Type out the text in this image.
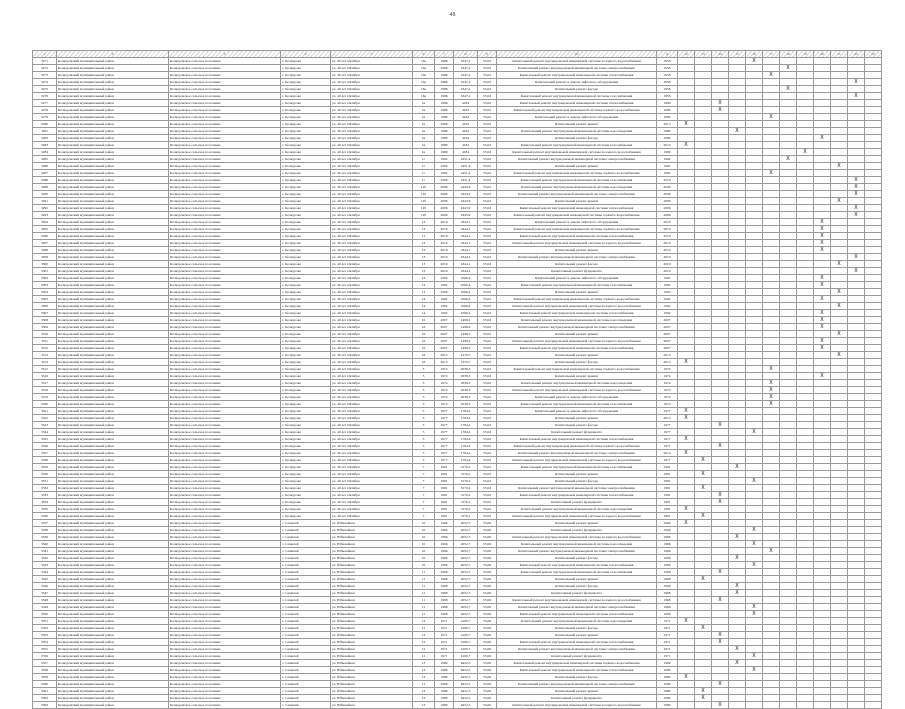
48
1	2	3	4	5	6	7	8	9	10	11	12	13	14	15	16	17	18	19	20	21	22	23
3271	Кочкуровский муниципальный район	Кочкуровское сельское поселение	с. Кочкурово	ул. 40 лет Октября	16а	1986	1647,2	55,02	Капитальный ремонт внутридомовой инженерной системы холодного водоснабжения	1958					X							
3272	Кочкуровский муниципальный район	Кочкуровское сельское поселение	с. Кочкурово	ул. 40 лет Октября	16а	1986	1647,2	55,02	Капитальный ремонт внутридомовой инженерной системы электроснабжения	1958							X					
3273	Кочкуровский муниципальный район	Кочкуровское сельское поселение	с. Кочкурово	ул. 40 лет Октября	16а	1986	1647,2	55,02	Капитальный ремонт внутридомовой инженерной системы теплоснабжения	1958						X						
3274	Кочкуровский муниципальный район	Кочкуровское сельское поселение	с. Кочкурово	ул. 40 лет Октября	16а	1986	1647,2	55,02	Капитальный ремонт и замена лифтового оборудования	1958											X	
3275	Кочкуровский муниципальный район	Кочкуровское сельское поселение	с. Кочкурово	ул. 40 лет Октября	16а	1986	1647,2	55,02	Капитальный ремонт фасада	1958							X					
3276	Кочкуровский муниципальный район	Кочкуровское сельское поселение	с. Кочкурово	ул. 40 лет Октября	16а	1986	1647,2	55,02	Капитальный ремонт внутридомовой инженерной системы газоснабжения	1958											X	
3277	Кочкуровский муниципальный район	Кочкуровское сельское поселение	с. Кочкурово	ул. 40 лет Октября	1в	1989	4184	55,02	Капитальный ремонт внутридомовой инженерной системы теплоснабжения	1980			X									
3278	Кочкуровский муниципальный район	Кочкуровское сельское поселение	с. Кочкурово	ул. 40 лет Октября	1в	1989	4184	55,02	Капитальный ремонт внутридомовой инженерной системы горячего водоснабжения	1980			X									
3279	Кочкуровский муниципальный район	Кочкуровское сельское поселение	с. Кочкурово	ул. 40 лет Октября	1в	1989	4184	55,02	Капитальный ремонт и замена лифтового оборудования	1980						X						
3280	Кочкуровский муниципальный район	Кочкуровское сельское поселение	с. Кочкурово	ул. 40 лет Октября	1в	1989	4184	55,02	Капитальный ремонт крыши	2015	X											
3281	Кочкуровский муниципальный район	Кочкуровское сельское поселение	с. Кочкурово	ул. 40 лет Октября	1в	1989	4184	55,02	Капитальный ремонт внутридомовой инженерной системы водоотведения	1980				X								
3282	Кочкуровский муниципальный район	Кочкуровское сельское поселение	с. Кочкурово	ул. 40 лет Октября	1в	1989	4184	55,02	Капитальный ремонт фасада	1980									X			
3283	Кочкуровский муниципальный район	Кочкуровское сельское поселение	с. Кочкурово	ул. 40 лет Октября	1в	1989	4184	55,02	Капитальный ремонт внутридомовой инженерной системы газоснабжения	2014	X											
3284	Кочкуровский муниципальный район	Кочкуровское сельское поселение	с. Кочкурово	ул. 40 лет Октября	1в	1989	4184	55,02	Капитальный ремонт внутридомовой инженерной системы холодного водоснабжения	1980								X				
3285	Кочкуровский муниципальный район	Кочкуровское сельское поселение	с. Кочкурово	ул. 40 лет Октября	1г	1992	2451,4	55,02	Капитальный ремонт внутридомовой инженерной системы электроснабжения	1992							X					
3286	Кочкуровский муниципальный район	Кочкуровское сельское поселение	с. Кочкурово	ул. 40 лет Октября	1г	1992	2451,4	55,02	Капитальный ремонт крыши	1992										X		
3287	Кочкуровский муниципальный район	Кочкуровское сельское поселение	с. Кочкурово	ул. 40 лет Октября	1г	1992	2451,4	55,02	Капитальный ремонт внутридомовой инженерной системы горячего водоснабжения	1992						X						
3288	Кочкуровский муниципальный район	Кочкуровское сельское поселение	с. Кочкурово	ул. 40 лет Октября	1г	1992	2451,4	55,02	Капитальный ремонт внутридомовой инженерной системы газоснабжения	2019											X	
3289	Кочкуровский муниципальный район	Кочкуровское сельское поселение	с. Кочкурово	ул. 40 лет Октября	12б	2006	2443,9	55,02	Капитальный ремонт внутридомовой инженерной системы водоотведения	2006											X	
3290	Кочкуровский муниципальный район	Кочкуровское сельское поселение	с. Кочкурово	ул. 40 лет Октября	12б	2006	2443,9	55,02	Капитальный ремонт внутридомовой инженерной системы электроснабжения	2006											X	
3291	Кочкуровский муниципальный район	Кочкуровское сельское поселение	с. Кочкурово	ул. 40 лет Октября	12б	2006	2443,9	55,02	Капитальный ремонт крыши	2006										X		
3292	Кочкуровский муниципальный район	Кочкуровское сельское поселение	с. Кочкурово	ул. 40 лет Октября	12б	2006	2443,9	55,02	Капитальный ремонт внутридомовой инженерной системы теплоснабжения	2006											X	
3293	Кочкуровский муниципальный район	Кочкуровское сельское поселение	с. Кочкурово	ул. 40 лет Октября	12б	2006	2443,9	55,02	Капитальный ремонт внутридомовой инженерной системы горячего водоснабжения	2006											X	
3294	Кочкуровский муниципальный район	Кочкуровское сельское поселение	с. Кочкурово	ул. 40 лет Октября	13	2019	4344,1	55,02	Капитальный ремонт и замена лифтового оборудования	2019									X			
3295	Кочкуровский муниципальный район	Кочкуровское сельское поселение	с. Кочкурово	ул. 40 лет Октября	13	2019	4344,1	55,02	Капитальный ремонт внутридомовой инженерной системы горячего водоснабжения	2019									X			
3296	Кочкуровский муниципальный район	Кочкуровское сельское поселение	с. Кочкурово	ул. 40 лет Октября	13	2019	4344,1	55,02	Капитальный ремонт внутридомовой инженерной системы теплоснабжения	2019									X			
3297	Кочкуровский муниципальный район	Кочкуровское сельское поселение	с. Кочкурово	ул. 40 лет Октября	13	2019	4344,1	55,02	Капитальный ремонт внутридомовой инженерной системы холодного водоснабжения	2019									X			
3298	Кочкуровский муниципальный район	Кочкуровское сельское поселение	с. Кочкурово	ул. 40 лет Октября	13	2019	4344,1	55,02	Капитальный ремонт крыши	2019									X			
3299	Кочкуровский муниципальный район	Кочкуровское сельское поселение	с. Кочкурово	ул. 40 лет Октября	13	2019	4344,1	55,02	Капитальный ремонт внутридомовой инженерной системы электроснабжения	2019											X	
3300	Кочкуровский муниципальный район	Кочкуровское сельское поселение	с. Кочкурово	ул. 40 лет Октября	13	2019	4344,1	55,02	Капитальный ремонт фасада	2019										X		
3301	Кочкуровский муниципальный район	Кочкуровское сельское поселение	с. Кочкурово	ул. 40 лет Октября	13	2019	4344,1	55,02	Капитальный ремонт фундамента	2019											X	
3302	Кочкуровский муниципальный район	Кочкуровское сельское поселение	с. Кочкурово	ул. 40 лет Октября	14	1992	2566,4	55,02	Капитальный ремонт и замена лифтового оборудования	1992									X			
3303	Кочкуровский муниципальный район	Кочкуровское сельское поселение	с. Кочкурово	ул. 40 лет Октября	14	1992	2566,4	55,02	Капитальный ремонт внутридомовой инженерной системы газоснабжения	1992									X			
3304	Кочкуровский муниципальный район	Кочкуровское сельское поселение	с. Кочкурово	ул. 40 лет Октября	14	1992	2566,4	55,02	Капитальный ремонт крыши	1992										X		
3305	Кочкуровский муниципальный район	Кочкуровское сельское поселение	с. Кочкурово	ул. 40 лет Октября	14	1992	2566,4	55,02	Капитальный ремонт внутридомовой инженерной системы горячего водоснабжения	1992									X			
3306	Кочкуровский муниципальный район	Кочкуровское сельское поселение	с. Кочкурово	ул. 40 лет Октября	14	1992	2566,4	55,02	Капитальный ремонт внутридомовой инженерной системы холодного водоснабжения	1992										X		
3307	Кочкуровский муниципальный район	Кочкуровское сельское поселение	с. Кочкурово	ул. 40 лет Октября	14	1992	2566,4	55,02	Капитальный ремонт внутридомовой инженерной системы теплоснабжения	1992									X			
3308	Кочкуровский муниципальный район	Кочкуровское сельское поселение	с. Кочкурово	ул. 40 лет Октября	16	2007	1498,2	55,02	Капитальный ремонт внутридомовой инженерной системы водоотведения	2007									X			
3309	Кочкуровский муниципальный район	Кочкуровское сельское поселение	с. Кочкурово	ул. 40 лет Октября	16	2007	1498,2	55,02	Капитальный ремонт внутридомовой инженерной системы электроснабжения	2007									X			
3310	Кочкуровский муниципальный район	Кочкуровское сельское поселение	с. Кочкурово	ул. 40 лет Октября	16	2007	1498,2	55,02	Капитальный ремонт крыши	2007										X		
3311	Кочкуровский муниципальный район	Кочкуровское сельское поселение	с. Кочкурово	ул. 40 лет Октября	16	2007	1498,2	55,02	Капитальный ремонт внутридомовой инженерной системы холодного водоснабжения	2007									X			
3312	Кочкуровский муниципальный район	Кочкуровское сельское поселение	с. Кочкурово	ул. 40 лет Октября	16	2007	1498,2	55,02	Капитальный ремонт внутридомовой инженерной системы теплоснабжения	2007									X			
3313	Кочкуровский муниципальный район	Кочкуровское сельское поселение	с. Кочкурово	ул. 40 лет Октября	18	2013	1270,7	55,02	Капитальный ремонт крыши	2013										X		
3314	Кочкуровский муниципальный район	Кочкуровское сельское поселение	с. Кочкурово	ул. 40 лет Октября	18	2013	1270,7	55,02	Капитальный ремонт фасада	2013	X											
3315	Кочкуровский муниципальный район	Кочкуровское сельское поселение	с. Кочкурово	ул. 40 лет Октября	3	1974	2038,3	55,02	Капитальный ремонт внутридомовой инженерной системы горячего водоснабжения	1974						X						
3316	Кочкуровский муниципальный район	Кочкуровское сельское поселение	с. Кочкурово	ул. 40 лет Октября	3	1974	2038,3	55,02	Капитальный ремонт крыши	1974									X			
3317	Кочкуровский муниципальный район	Кочкуровское сельское поселение	с. Кочкурово	ул. 40 лет Октября	3	1974	2038,3	55,02	Капитальный ремонт внутридомовой инженерной системы водоотведения	1974						X						
3318	Кочкуровский муниципальный район	Кочкуровское сельское поселение	с. Кочкурово	ул. 40 лет Октября	3	1974	2038,3	55,02	Капитальный ремонт внутридомовой инженерной системы холодного водоснабжения	1974						X						
3319	Кочкуровский муниципальный район	Кочкуровское сельское поселение	с. Кочкурово	ул. 40 лет Октября	3	1974	2038,3	55,02	Капитальный ремонт и замена лифтового оборудования	1974						X						
3320	Кочкуровский муниципальный район	Кочкуровское сельское поселение	с. Кочкурово	ул. 40 лет Октября	3	1974	2038,3	55,02	Капитальный ремонт внутридомовой инженерной системы газоснабжения	1974						X						
3321	Кочкуровский муниципальный район	Кочкуровское сельское поселение	с. Кочкурово	ул. 40 лет Октября	5	1977	1784,4	55,02	Капитальный ремонт и замена лифтового оборудования	1977	X											
3322	Кочкуровский муниципальный район	Кочкуровское сельское поселение	с. Кочкурово	ул. 40 лет Октября	5	1977	1784,4	55,02	Капитальный ремонт крыши	2013	X											
3323	Кочкуровский муниципальный район	Кочкуровское сельское поселение	с. Кочкурово	ул. 40 лет Октября	5	1977	1784,4	55,02	Капитальный ремонт фасада	1977			X									
3324	Кочкуровский муниципальный район	Кочкуровское сельское поселение	с. Кочкурово	ул. 40 лет Октября	5	1977	1784,4	55,02	Капитальный ремонт фундамента	1977					X							
3325	Кочкуровский муниципальный район	Кочкуровское сельское поселение	с. Кочкурово	ул. 40 лет Октября	5	1977	1784,4	55,02	Капитальный ремонт внутридомовой инженерной системы теплоснабжения	1977	X											
3326	Кочкуровский муниципальный район	Кочкуровское сельское поселение	с. Кочкурово	ул. 40 лет Октября	5	1977	1784,4	55,02	Капитальный ремонт внутридомовой инженерной системы горячего водоснабжения	1977			X									
3327	Кочкуровский муниципальный район	Кочкуровское сельское поселение	с. Кочкурово	ул. 40 лет Октября	5	1977	1784,4	55,02	Капитальный ремонт внутридомовой инженерной системы электроснабжения	2014	X											
3328	Кочкуровский муниципальный район	Кочкуровское сельское поселение	с. Кочкурово	ул. 40 лет Октября	5	1977	1784,4	55,02	Капитальный ремонт внутридомовой инженерной системы холодного водоснабжения	1977		X										
3329	Кочкуровский муниципальный район	Кочкуровское сельское поселение	с. Кочкурово	ул. 40 лет Октября	7	1981	3170,2	55,02	Капитальный ремонт внутридомовой инженерной системы газоснабжения	1981				X								
3330	Кочкуровский муниципальный район	Кочкуровское сельское поселение	с. Кочкурово	ул. 40 лет Октября	7	1981	3170,2	55,02	Капитальный ремонт крыши	1981		X										
3331	Кочкуровский муниципальный район	Кочкуровское сельское поселение	с. Кочкурово	ул. 40 лет Октября	7	1981	3170,2	55,02	Капитальный ремонт фасада	1981					X							
3332	Кочкуровский муниципальный район	Кочкуровское сельское поселение	с. Кочкурово	ул. 40 лет Октября	7	1981	3170,2	55,02	Капитальный ремонт внутридомовой инженерной системы электроснабжения	1981		X										
3333	Кочкуровский муниципальный район	Кочкуровское сельское поселение	с. Кочкурово	ул. 40 лет Октября	7	1981	3170,2	55,02	Капитальный ремонт внутридомовой инженерной системы теплоснабжения	1981			X									
3334	Кочкуровский муниципальный район	Кочкуровское сельское поселение	с. Кочкурово	ул. 40 лет Октября	7	1981	3170,2	55,02	Капитальный ремонт фундамента	1981			X									
3335	Кочкуровский муниципальный район	Кочкуровское сельское поселение	с. Кочкурово	ул. 40 лет Октября	7	1981	3170,2	55,02	Капитальный ремонт внутридомовой инженерной системы водоотведения	1981	X											
3336	Кочкуровский муниципальный район	Кочкуровское сельское поселение	с. Кочкурово	ул. 40 лет Октября	7	1981	3170,2	55,02	Капитальный ремонт внутридомовой инженерной системы холодного водоснабжения	1981		X										
3337	Кочкуровский муниципальный район	Кочкуровское сельское поселение	с. Семилей	ул. Юбилейная	10	1966	4052,7	55,06	Капитальный ремонт крыши	1966	X											
3338	Кочкуровский муниципальный район	Кочкуровское сельское поселение	с. Семилей	ул. Юбилейная	10	1966	4052,7	55,06	Капитальный ремонт фундамента	1966					X							
3339	Кочкуровский муниципальный район	Кочкуровское сельское поселение	с. Семилей	ул. Юбилейная	10	1966	4052,7	55,06	Капитальный ремонт внутридомовой инженерной системы холодного водоснабжения	1966				X								
3340	Кочкуровский муниципальный район	Кочкуровское сельское поселение	с. Семилей	ул. Юбилейная	10	1966	4052,7	55,06	Капитальный ремонт внутридомовой инженерной системы водоотведения	1966					X							
3341	Кочкуровский муниципальный район	Кочкуровское сельское поселение	с. Семилей	ул. Юбилейная	10	1966	4052,7	55,06	Капитальный ремонт внутридомовой инженерной системы электроснабжения	1966						X						
3342	Кочкуровский муниципальный район	Кочкуровское сельское поселение	с. Семилей	ул. Юбилейная	10	1966	4052,7	55,06	Капитальный ремонт фасада	1966				X								
3343	Кочкуровский муниципальный район	Кочкуровское сельское поселение	с. Семилей	ул. Юбилейная	10	1966	4052,7	55,06	Капитальный ремонт внутридомовой инженерной системы теплоснабжения	1966					X							
3344	Кочкуровский муниципальный район	Кочкуровское сельское поселение	с. Семилей	ул. Юбилейная	11	1968	4052,7	55,06	Капитальный ремонт внутридомовой инженерной системы газоснабжения	1968			X									
3345	Кочкуровский муниципальный район	Кочкуровское сельское поселение	с. Семилей	ул. Юбилейная	11	1968	4052,7	55,06	Капитальный ремонт крыши	1968		X										
3346	Кочкуровский муниципальный район	Кочкуровское сельское поселение	с. Семилей	ул. Юбилейная	11	1968	4052,7	55,06	Капитальный ремонт фасада	1968				X								
3347	Кочкуровский муниципальный район	Кочкуровское сельское поселение	с. Семилей	ул. Юбилейная	11	1968	4052,7	55,06	Капитальный ремонт фундамента	1968				X								
3348	Кочкуровский муниципальный район	Кочкуровское сельское поселение	с. Семилей	ул. Юбилейная	11	1968	4052,7	55,06	Капитальный ремонт внутридомовой инженерной системы холодного водоснабжения	1968			X									
3349	Кочкуровский муниципальный район	Кочкуровское сельское поселение	с. Семилей	ул. Юбилейная	11	1968	4052,7	55,06	Капитальный ремонт внутридомовой инженерной системы электроснабжения	1968					X							
3350	Кочкуровский муниципальный район	Кочкуровское сельское поселение	с. Семилей	ул. Юбилейная	11	1968	4052,7	55,06	Капитальный ремонт внутридомовой инженерной системы теплоснабжения	1968					X							
3351	Кочкуровский муниципальный район	Кочкуровское сельское поселение	с. Семилей	ул. Юбилейная	12	1971	4100,7	55,06	Капитальный ремонт внутридомовой инженерной системы водоотведения	1971	X											
3352	Кочкуровский муниципальный район	Кочкуровское сельское поселение	с. Семилей	ул. Юбилейная	12	1971	4100,7	55,06	Капитальный ремонт фасада	1971		X										
3353	Кочкуровский муниципальный район	Кочкуровское сельское поселение	с. Семилей	ул. Юбилейная	12	1971	4100,7	55,06	Капитальный ремонт крыши	1971			X									
3354	Кочкуровский муниципальный район	Кочкуровское сельское поселение	с. Семилей	ул. Юбилейная	12	1971	4100,7	55,06	Капитальный ремонт внутридомовой инженерной системы теплоснабжения	1971			X									
3355	Кочкуровский муниципальный район	Кочкуровское сельское поселение	с. Семилей	ул. Юбилейная	12	1971	4100,7	55,06	Капитальный ремонт внутридомовой инженерной системы электроснабжения	1971				X								
3356	Кочкуровский муниципальный район	Кочкуровское сельское поселение	с. Семилей	ул. Юбилейная	12	1971	4100,7	55,06	Капитальный ремонт фундамента	1971					X							
3357	Кочкуровский муниципальный район	Кочкуровское сельское поселение	с. Семилей	ул. Юбилейная	13	1989	6452,5	55,06	Капитальный ремонт внутридомовой инженерной системы горячего водоснабжения	1989				X								
3358	Кочкуровский муниципальный район	Кочкуровское сельское поселение	с. Семилей	ул. Юбилейная	13	1989	6452,5	55,06	Капитальный ремонт внутридомовой инженерной системы теплоснабжения	1989					X							
3359	Кочкуровский муниципальный район	Кочкуровское сельское поселение	с. Семилей	ул. Юбилейная	13	1989	6452,5	55,06	Капитальный ремонт фасада	1989	X											
3360	Кочкуровский муниципальный район	Кочкуровское сельское поселение	с. Семилей	ул. Юбилейная	13	1989	6452,5	55,06	Капитальный ремонт внутридомовой инженерной системы электроснабжения	1989			X									
3361	Кочкуровский муниципальный район	Кочкуровское сельское поселение	с. Семилей	ул. Юбилейная	13	1989	6452,5	55,06	Капитальный ремонт крыши	1989		X										
3362	Кочкуровский муниципальный район	Кочкуровское сельское поселение	с. Семилей	ул. Юбилейная	13	1989	6452,5	55,06	Капитальный ремонт фундамента	1989		X										
3363	Кочкуровский муниципальный район	Кочкуровское сельское поселение	с. Семилей	ул. Юбилейная	13	1989	6452,5	55,06	Капитальный ремонт внутридомовой инженерной системы холодного водоснабжения	1989			X									
